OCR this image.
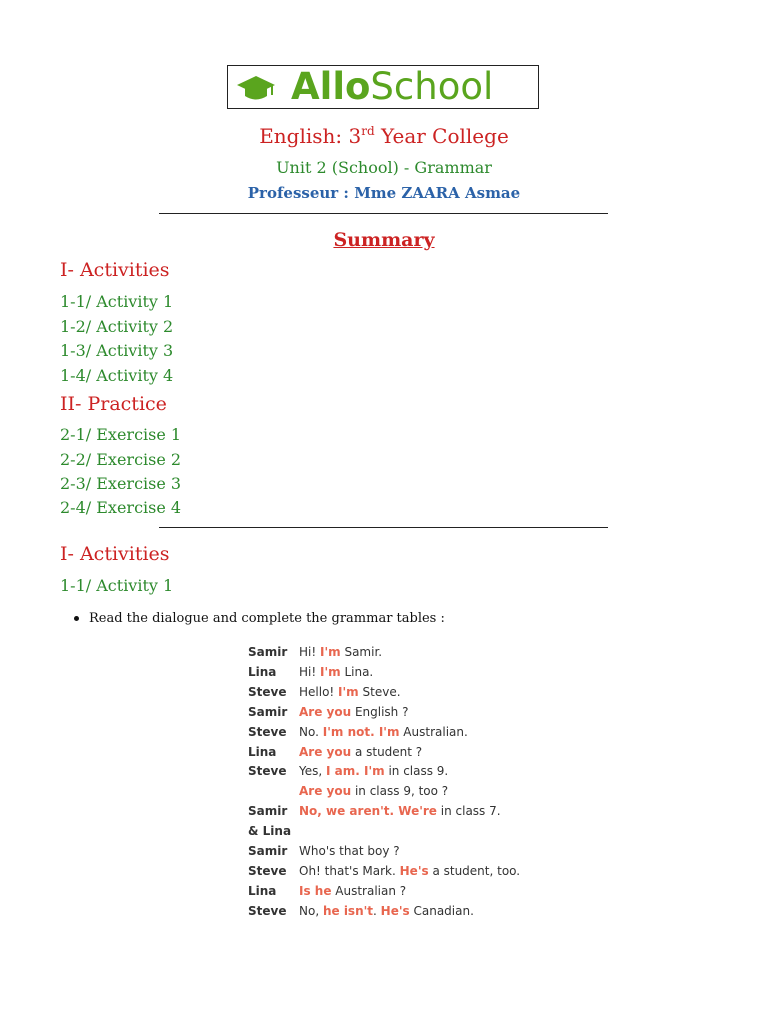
AlloSchool
English: 3rd Year College
Unit 2 (School) - Grammar
Professeur : Mme ZAARA Asmae
Summary
I- Activities
1-1/ Activity 1
1-2/ Activity 2
1-3/ Activity 3
1-4/ Activity 4
II- Practice
2-1/ Exercise 1
2-2/ Exercise 2
2-3/ Exercise 3
2-4/ Exercise 4
I- Activities
1-1/ Activity 1
Read the dialogue and complete the grammar tables :
Samir Hi! I'm Samir.
Lina Hi! I'm Lina.
Steve Hello! I'm Steve.
Samir Are you English ?
Steve No. I'm not. I'm Australian.
Lina Are you a student ?
Steve Yes, I am. I'm in class 9.
Are you in class 9, too ?
Samir No, we aren't. We're in class 7.
& Lina
Samir Who's that boy ?
Steve Oh! that's Mark. He's a student, too.
Lina Is he Australian ?
Steve No, he isn't. He's Canadian.
